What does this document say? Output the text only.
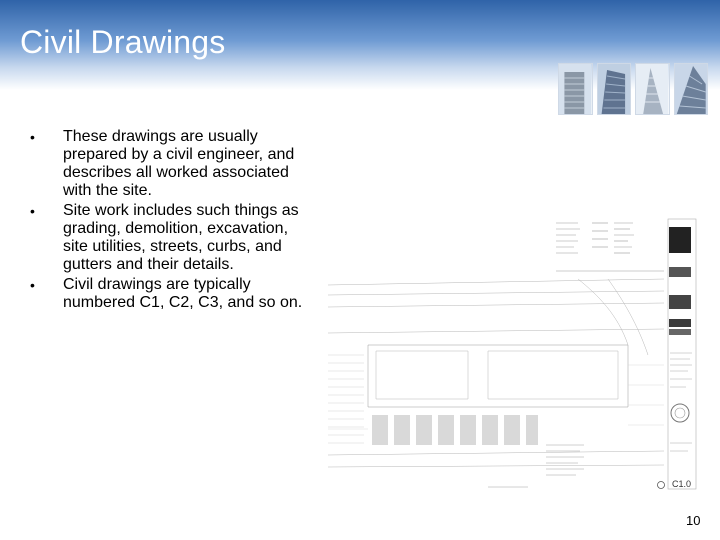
Civil Drawings
• These drawings are usually prepared by a civil engineer, and describes all worked associated with the site.
• Site work includes such things as grading, demolition, excavation, site utilities, streets, curbs, and gutters and their details.
• Civil drawings are typically numbered C1, C2, C3, and so on.
C1.0
10
